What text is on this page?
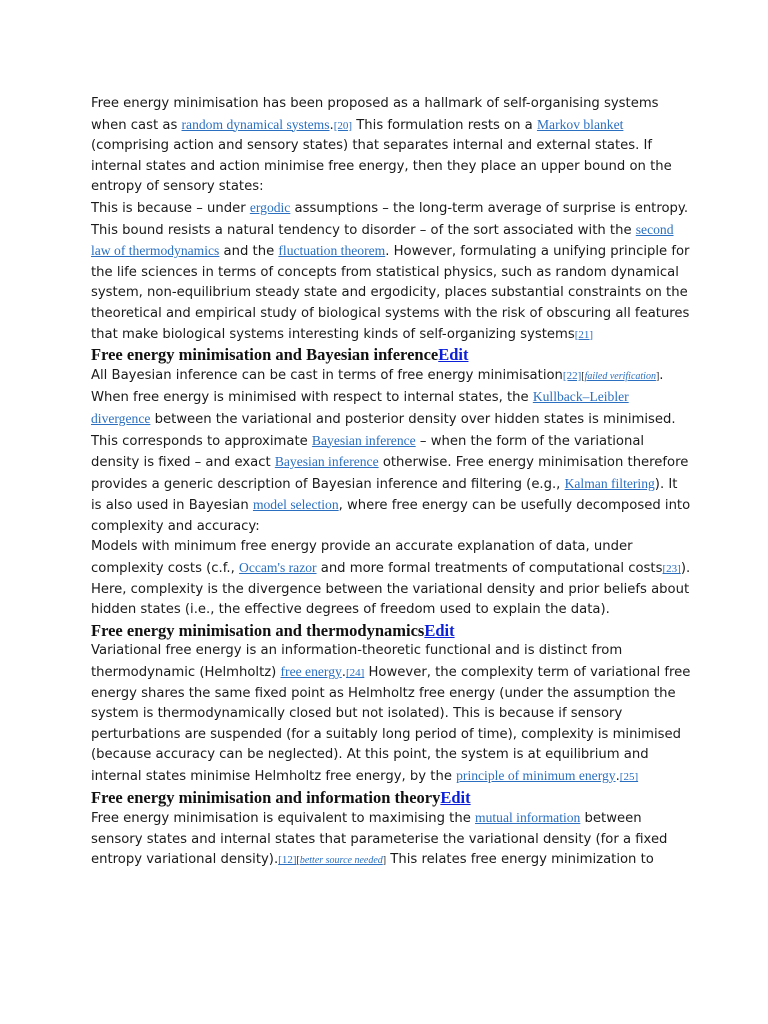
Free energy minimisation has been proposed as a hallmark of self-organising systems when cast as random dynamical systems.[20] This formulation rests on a Markov blanket (comprising action and sensory states) that separates internal and external states. If internal states and action minimise free energy, then they place an upper bound on the entropy of sensory states:

This is because – under ergodic assumptions – the long-term average of surprise is entropy. This bound resists a natural tendency to disorder – of the sort associated with the second law of thermodynamics and the fluctuation theorem. However, formulating a unifying principle for the life sciences in terms of concepts from statistical physics, such as random dynamical system, non-equilibrium steady state and ergodicity, places substantial constraints on the theoretical and empirical study of biological systems with the risk of obscuring all features that make biological systems interesting kinds of self-organizing systems[21]

Free energy minimisation and Bayesian inferenceEdit

All Bayesian inference can be cast in terms of free energy minimisation[22][failed verification]. When free energy is minimised with respect to internal states, the Kullback–Leibler divergence between the variational and posterior density over hidden states is minimised. This corresponds to approximate Bayesian inference – when the form of the variational density is fixed – and exact Bayesian inference otherwise. Free energy minimisation therefore provides a generic description of Bayesian inference and filtering (e.g., Kalman filtering). It is also used in Bayesian model selection, where free energy can be usefully decomposed into complexity and accuracy:

Models with minimum free energy provide an accurate explanation of data, under complexity costs (c.f., Occam's razor and more formal treatments of computational costs[23]). Here, complexity is the divergence between the variational density and prior beliefs about hidden states (i.e., the effective degrees of freedom used to explain the data).

Free energy minimisation and thermodynamicsEdit

Variational free energy is an information-theoretic functional and is distinct from thermodynamic (Helmholtz) free energy.[24] However, the complexity term of variational free energy shares the same fixed point as Helmholtz free energy (under the assumption the system is thermodynamically closed but not isolated). This is because if sensory perturbations are suspended (for a suitably long period of time), complexity is minimised (because accuracy can be neglected). At this point, the system is at equilibrium and internal states minimise Helmholtz free energy, by the principle of minimum energy.[25]

Free energy minimisation and information theoryEdit

Free energy minimisation is equivalent to maximising the mutual information between sensory states and internal states that parameterise the variational density (for a fixed entropy variational density).[12][better source needed] This relates free energy minimization to
